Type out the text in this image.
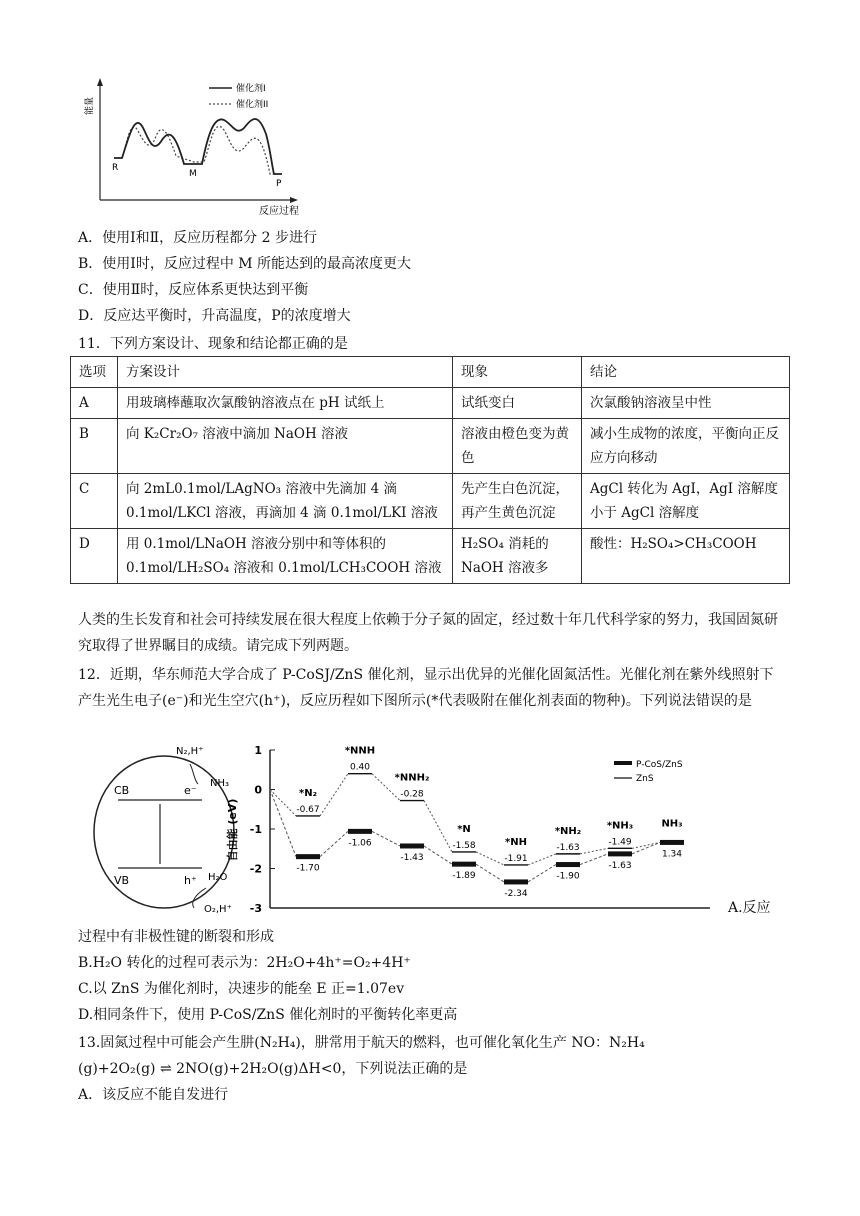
能量
反应过程
R
M
P
催化剂I
催化剂II
A．使用Ⅰ和Ⅱ，反应历程都分 2 步进行
B．使用Ⅰ时，反应过程中 M 所能达到的最高浓度更大
C．使用Ⅱ时，反应体系更快达到平衡
D．反应达平衡时，升高温度，P的浓度增大
11．下列方案设计、现象和结论都正确的是
选项	方案设计	现象	结论
A	用玻璃棒蘸取次氯酸钠溶液点在 pH 试纸上	试纸变白	次氯酸钠溶液呈中性
B	向 K₂Cr₂O₇ 溶液中滴加 NaOH 溶液	溶液由橙色变为黄色	减小生成物的浓度，平衡向正反应方向移动
C	向 2mL0.1mol/LAgNO₃ 溶液中先滴加 4 滴 0.1mol/LKCl 溶液，再滴加 4 滴 0.1mol/LKI 溶液	先产生白色沉淀，再产生黄色沉淀	AgCl 转化为 AgI，AgI 溶解度小于 AgCl 溶解度
D	用 0.1mol/LNaOH 溶液分别中和等体积的 0.1mol/LH₂SO₄ 溶液和 0.1mol/LCH₃COOH 溶液	H₂SO₄ 消耗的 NaOH 溶液多	酸性：H₂SO₄>CH₃COOH
人类的生长发育和社会可持续发展在很大程度上依赖于分子氮的固定，经过数十年几代科学家的努力，我国固氮研究取得了世界瞩目的成绩。请完成下列两题。
12．近期，华东师范大学合成了 P-CoSJ/ZnS 催化剂，显示出优异的光催化固氮活性。光催化剂在紫外线照射下产生光生电子(e⁻)和光生空穴(h⁺)，反应历程如下图所示(*代表吸附在催化剂表面的物种)。下列说法错误的是
CB	e⁻
VB	h⁺
N₂,H⁺
NH₃
H₂O
O₂,H⁺
1
0
-1
-2
-3
自由能 (eV)
*N₂
-0.67
-1.70
*NNH
0.40
-1.06
*NNH₂
-0.28
-1.43
*N
-1.58
-1.89
*NH
-1.91
-2.34
*NH₂
-1.63
-1.90
*NH₃
-1.49
-1.63
NH₃
1.34
P-CoS/ZnS
ZnS
A.反应
过程中有非极性键的断裂和形成
B.H₂O 转化的过程可表示为：2H₂O+4h⁺=O₂+4H⁺
C.以 ZnS 为催化剂时，决速步的能垒 E 正=1.07ev
D.相同条件下，使用 P-CoS/ZnS 催化剂时的平衡转化率更高
13.固氮过程中可能会产生肼(N₂H₄)，肼常用于航天的燃料，也可催化氧化生产 NO：N₂H₄
(g)+2O₂(g) ⇌ 2NO(g)+2H₂O(g)ΔH<0，下列说法正确的是
A．该反应不能自发进行
